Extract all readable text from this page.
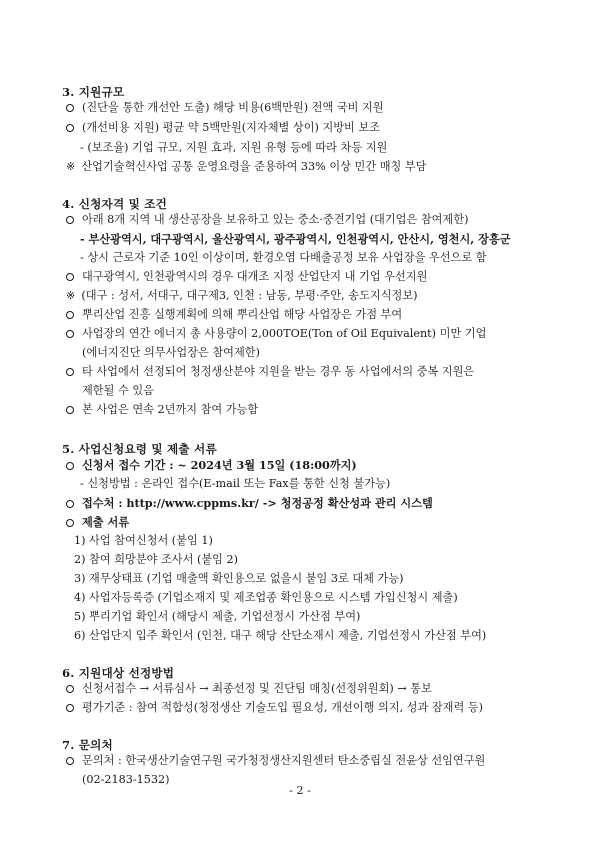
3. 지원규모
(진단을 통한 개선안 도출) 해당 비용(6백만원) 전액 국비 지원
(개선비용 지원) 평균 약 5백만원(지자체별 상이) 지방비 보조
- (보조율) 기업 규모, 지원 효과, 지원 유형 등에 따라 차등 지원
※ 산업기술혁신사업 공통 운영요령을 준용하여 33% 이상 민간 매칭 부담
4. 신청자격 및 조건
아래 8개 지역 내 생산공장을 보유하고 있는 중소·중견기업 (대기업은 참여제한)
- 부산광역시, 대구광역시, 울산광역시, 광주광역시, 인천광역시, 안산시, 영천시, 장흥군
- 상시 근로자 기준 10인 이상이며, 환경오염 다배출공정 보유 사업장을 우선으로 함
대구광역시, 인천광역시의 경우 대개조 지정 산업단지 내 기업 우선지원
※ (대구 : 성서, 서대구, 대구제3, 인천 : 남동, 부평·주안, 송도지식정보)
뿌리산업 진흥 실행계획에 의해 뿌리산업 해당 사업장은 가점 부여
사업장의 연간 에너지 총 사용량이 2,000TOE(Ton of Oil Equivalent) 미만 기업
(에너지진단 의무사업장은 참여제한)
타 사업에서 선정되어 청정생산분야 지원을 받는 경우 동 사업에서의 중복 지원은
제한될 수 있음
본 사업은 연속 2년까지 참여 가능함
5. 사업신청요령 및 제출 서류
신청서 접수 기간 : ~ 2024년 3월 15일 (18:00까지)
- 신청방법 : 온라인 접수(E-mail 또는 Fax를 통한 신청 불가능)
접수처 : http://www.cppms.kr/ -> 청정공정 확산성과 관리 시스템
제출 서류
1) 사업 참여신청서 (붙임 1)
2) 참여 희망분야 조사서 (붙임 2)
3) 재무상태표 (기업 매출액 확인용으로 없을시 붙임 3로 대체 가능)
4) 사업자등록증 (기업소재지 및 제조업종 확인용으로 시스템 가입신청시 제출)
5) 뿌리기업 확인서 (해당시 제출, 기업선정시 가산점 부여)
6) 산업단지 입주 확인서 (인천, 대구 해당 산단소재시 제출, 기업선정시 가산점 부여)
6. 지원대상 선정방법
신청서접수 → 서류심사 → 최종선정 및 진단팀 매칭(선정위원회) → 통보
평가기준 : 참여 적합성(청정생산 기술도입 필요성, 개선이행 의지, 성과 잠재력 등)
7. 문의처
문의처 : 한국생산기술연구원 국가청정생산지원센터 탄소중립실 전윤상 선임연구원
(02-2183-1532)
- 2 -
